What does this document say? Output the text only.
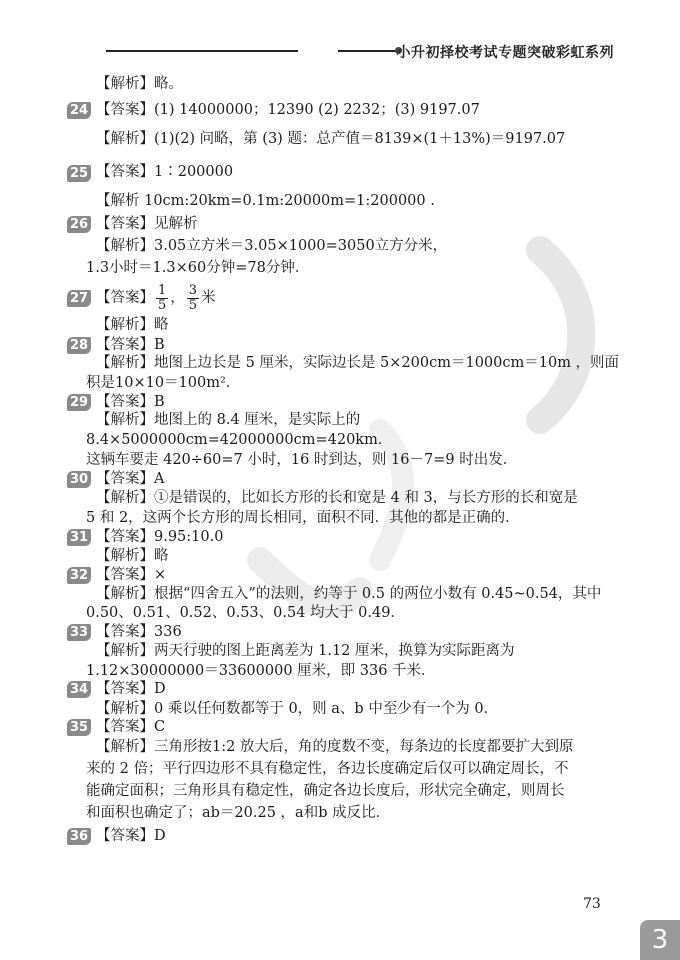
小升初择校考试专题突破彩虹系列
【解析】略。
24 【答案】(1) 14000000；12390 (2) 2232；(3) 9197.07
【解析】(1)(2) 问略，第 (3) 题：总产值＝8139×(1＋13%)＝9197.07
25 【答案】1∶200000
【解析 10cm:20km=0.1m:20000m=1:200000 .
26 【答案】见解析
【解析】3.05立方米＝3.05×1000=3050立方分米，
1.3小时＝1.3×60分钟=78分钟．
27 【答案】 $\frac{1}{5}$ ， $\frac{3}{5}$ 米
【解析】略
28 【答案】B
【解析】地图上边长是 5 厘米，实际边长是 5×200cm＝1000cm＝10m ，则面
积是10×10＝100m²．
29 【答案】B
【解析】地图上的 8.4 厘米，是实际上的
8.4×5000000cm=42000000cm=420km．
这辆车要走 420÷60=7 小时，16 时到达，则 16－7=9 时出发．
30 【答案】A
【解析】①是错误的，比如长方形的长和宽是 4 和 3，与长方形的长和宽是
5 和 2，这两个长方形的周长相同，面积不同．其他的都是正确的．
31 【答案】9.95:10.0
【解析】略
32 【答案】×
【解析】根据“四舍五入”的法则，约等于 0.5 的两位小数有 0.45~0.54，其中
0.50、0.51、0.52、0.53、0.54 均大于 0.49．
33 【答案】336
【解析】两天行驶的图上距离差为 1.12 厘米，换算为实际距离为
1.12×30000000＝33600000 厘米，即 336 千米．
34 【答案】D
【解析】0 乘以任何数都等于 0，则 a、b 中至少有一个为 0．
35 【答案】C
【解析】三角形按1:2 放大后，角的度数不变，每条边的长度都要扩大到原
来的 2 倍；平行四边形不具有稳定性，各边长度确定后仅可以确定周长，不
能确定面积；三角形具有稳定性，确定各边长度后，形状完全确定，则周长
和面积也确定了；ab＝20.25 ，a和b 成反比．
36 【答案】D
73
3
